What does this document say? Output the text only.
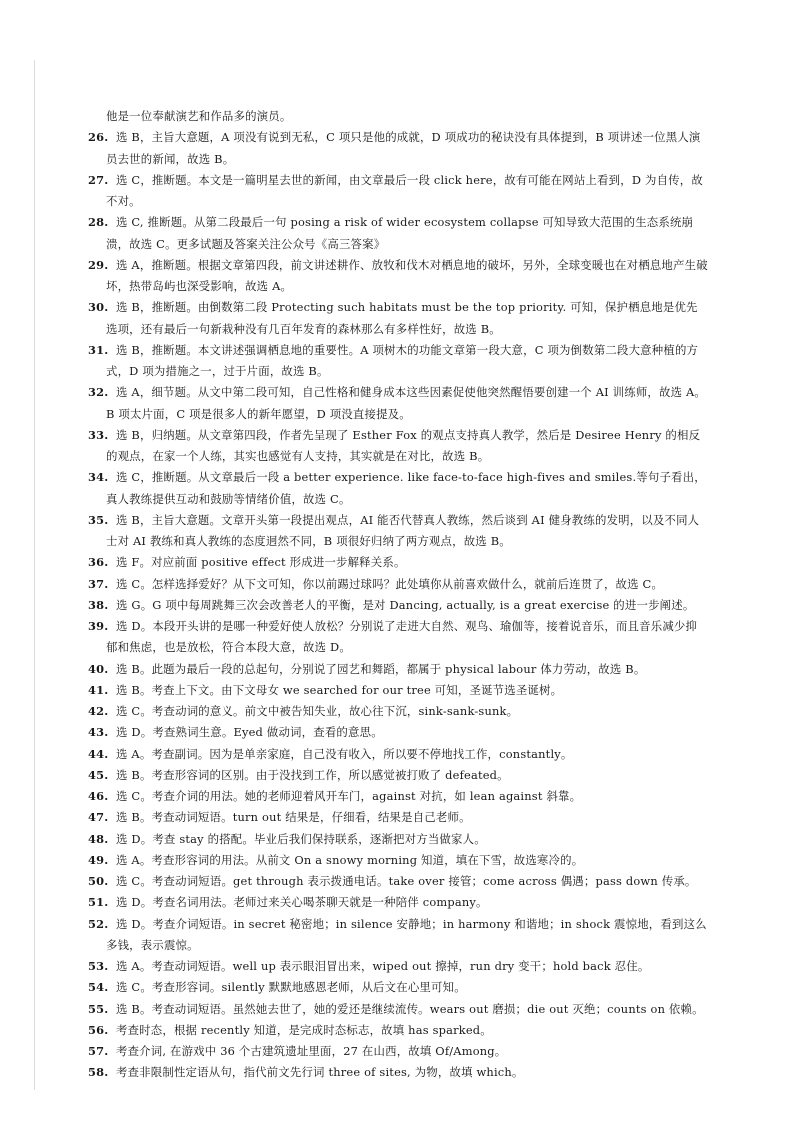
他是一位奉献演艺和作品多的演员。
26. 选 B，主旨大意题，A 项没有说到无私，C 项只是他的成就，D 项成功的秘诀没有具体提到，B 项讲述一位黑人演员去世的新闻，故选 B。
27. 选 C，推断题。本文是一篇明星去世的新闻，由文章最后一段 click here，故有可能在网站上看到，D 为自传，故不对。
28. 选 C, 推断题。从第二段最后一句 posing a risk of wider ecosystem collapse 可知导致大范围的生态系统崩溃，故选 C。更多试题及答案关注公众号《高三答案》
29. 选 A，推断题。根据文章第四段，前文讲述耕作、放牧和伐木对栖息地的破坏，另外，全球变暖也在对栖息地产生破坏，热带岛屿也深受影响，故选 A。
30. 选 B，推断题。由倒数第二段 Protecting such habitats must be the top priority. 可知，保护栖息地是优先选项，还有最后一句新栽种没有几百年发育的森林那么有多样性好，故选 B。
31. 选 B，推断题。本文讲述强调栖息地的重要性。A 项树木的功能文章第一段大意，C 项为倒数第二段大意种植的方式，D 项为措施之一，过于片面，故选 B。
32. 选 A，细节题。从文中第二段可知，自己性格和健身成本这些因素促使他突然醒悟要创建一个 AI 训练师，故选 A。B 项太片面，C 项是很多人的新年愿望，D 项没直接提及。
33. 选 B，归纳题。从文章第四段，作者先呈现了 Esther Fox 的观点支持真人教学，然后是 Desiree Henry 的相反的观点，在家一个人练，其实也感觉有人支持，其实就是在对比，故选 B。
34. 选 C，推断题。从文章最后一段 a better experience. like face-to-face high-fives and smiles.等句子看出，真人教练提供互动和鼓励等情绪价值，故选 C。
35. 选 B，主旨大意题。文章开头第一段提出观点，AI 能否代替真人教练，然后谈到 AI 健身教练的发明，以及不同人士对 AI 教练和真人教练的态度迥然不同，B 项很好归纳了两方观点，故选 B。
36. 选 F。对应前面 positive effect 形成进一步解释关系。
37. 选 C。怎样选择爱好？从下文可知，你以前踢过球吗？此处填你从前喜欢做什么，就前后连贯了，故选 C。
38. 选 G。G 项中每周跳舞三次会改善老人的平衡，是对 Dancing, actually, is a great exercise 的进一步阐述。
39. 选 D。本段开头讲的是哪一种爱好使人放松？分别说了走进大自然、观鸟、瑜伽等，接着说音乐，而且音乐减少抑郁和焦虑，也是放松，符合本段大意，故选 D。
40. 选 B。此题为最后一段的总起句，分别说了园艺和舞蹈，都属于 physical labour 体力劳动，故选 B。
41. 选 B。考查上下文。由下文母女 we searched for our tree 可知，圣诞节选圣诞树。
42. 选 C。考查动词的意义。前文中被告知失业，故心往下沉，sink-sank-sunk。
43. 选 D。考查熟词生意。Eyed 做动词，查看的意思。
44. 选 A。考查副词。因为是单亲家庭，自己没有收入，所以要不停地找工作，constantly。
45. 选 B。考查形容词的区别。由于没找到工作，所以感觉被打败了 defeated。
46. 选 C。考查介词的用法。她的老师迎着风开车门，against 对抗，如 lean against 斜靠。
47. 选 B。考查动词短语。turn out 结果是，仔细看，结果是自己老师。
48. 选 D。考查 stay 的搭配。毕业后我们保持联系，逐渐把对方当做家人。
49. 选 A。考查形容词的用法。从前文 On a snowy morning 知道，填在下雪，故选寒冷的。
50. 选 C。考查动词短语。get through 表示拨通电话。take over 接管；come across 偶遇；pass down 传承。
51. 选 D。考查名词用法。老师过来关心喝茶聊天就是一种陪伴 company。
52. 选 D。考查介词短语。in secret 秘密地；in silence 安静地；in harmony 和谐地；in shock 震惊地，看到这么多钱，表示震惊。
53. 选 A。考查动词短语。well up 表示眼泪冒出来，wiped out 擦掉，run dry 变干；hold back 忍住。
54. 选 C。考查形容词。silently 默默地感恩老师，从后文在心里可知。
55. 选 B。考查动词短语。虽然她去世了，她的爱还是继续流传。wears out 磨损；die out 灭绝；counts on 依赖。
56. 考查时态，根据 recently 知道，是完成时态标志，故填 has sparked。
57. 考查介词, 在游戏中 36 个古建筑遗址里面，27 在山西，故填 Of/Among。
58. 考查非限制性定语从句，指代前文先行词 three of sites, 为物，故填 which。
